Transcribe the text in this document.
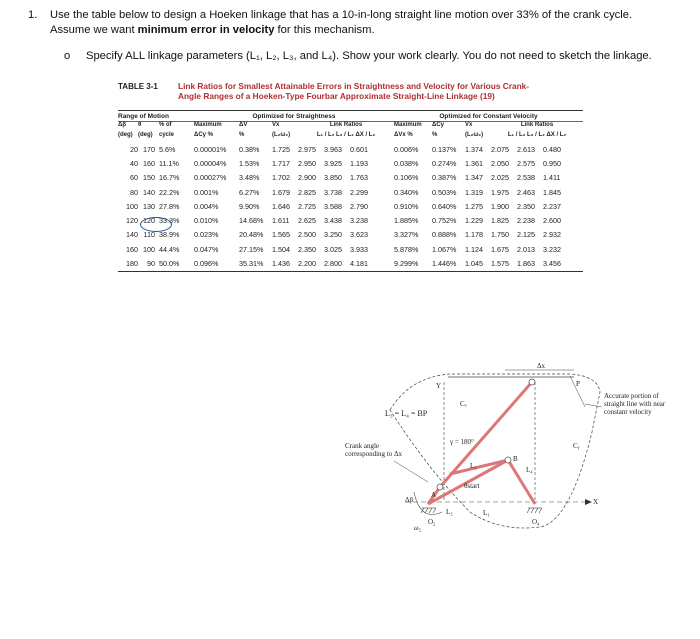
1. Use the table below to design a Hoeken linkage that has a 10-in-long straight line motion over 33% of the crank cycle. Assume we want minimum error in velocity for this mechanism.
o Specify ALL linkage parameters (L₁, L₂, L₃, and L₄). Show your work clearly. You do not need to sketch the linkage.
TABLE 3-1 Link Ratios for Smallest Attainable Errors in Straightness and Velocity for Various Crank-
Angle Ranges of a Hoeken-Type Fourbar Approximate Straight-Line Linkage (19)
Range of Motion	Optimized for Straightness	Optimized for Constant Velocity
Δβ	θ	% of	Maximum	ΔV	Vx	Link Ratios			Maximum	ΔCy	Vx	Link Ratios		
(deg)	(deg)	cycle	ΔCy %	%	(L₂ω₂)	L₁ / L₂ L₃ / L₂ ΔX / L₂			ΔVx %	%	(L₂ω₂)	L₁ / L₂ L₃ / L₂ ΔX / L₂		
20	170	5.6%	0.00001%	0.38%	1.725	2.975	3.963	0.601	0.006%	0.137%	1.374	2.075	2.613	0.480
40	160	11.1%	0.00004%	1.53%	1.717	2.950	3.925	1.193	0.038%	0.274%	1.361	2.050	2.575	0.950
60	150	16.7%	0.00027%	3.48%	1.702	2.900	3.850	1.763	0.106%	0.387%	1.347	2.025	2.538	1.411
80	140	22.2%	0.001%	6.27%	1.679	2.825	3.738	2.299	0.340%	0.503%	1.319	1.975	2.463	1.845
100	130	27.8%	0.004%	9.90%	1.646	2.725	3.588	2.790	0.910%	0.640%	1.275	1.900	2.350	2.237
120	120	33.3%	0.010%	14.68%	1.611	2.625	3.438	3.238	1.885%	0.752%	1.229	1.825	2.238	2.600
140	110	38.9%	0.023%	20.48%	1.565	2.500	3.250	3.623	3.327%	0.888%	1.178	1.750	2.125	2.932
160	100	44.4%	0.047%	27.15%	1.504	2.350	3.025	3.933	5.878%	1.067%	1.124	1.675	2.013	3.232
180	90	50.0%	0.096%	35.31%	1.436	2.200	2.800	4.181	9.299%	1.446%	1.045	1.575	1.863	3.456
L₃ = L₄ = BP
Crank angle corresponding to Δx
Accurate portion of straight line with near constant velocity
Δx
P
Y
Cₓ
Cᵧ
γ = 180°
B
L₃	L₄
θstart
A
Δβ
L₂	L₁
O₂	O₄
ω₂
X
